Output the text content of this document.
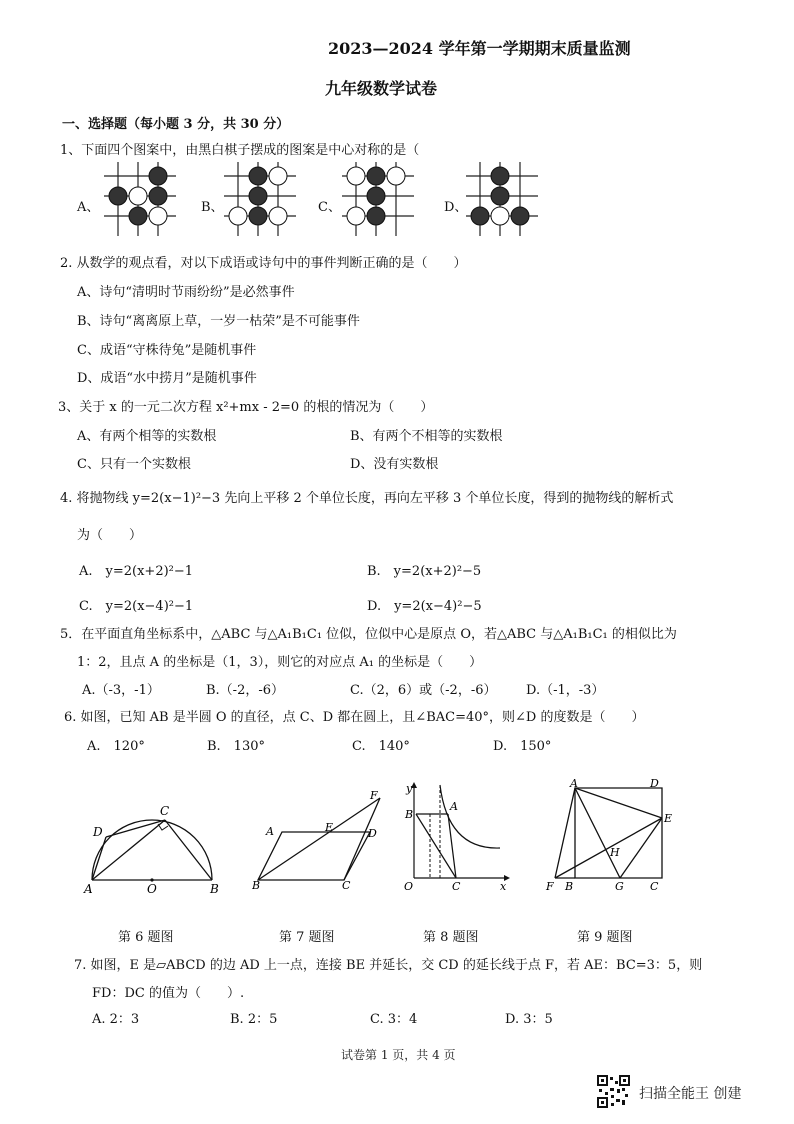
2023—2024 学年第一学期期末质量监测
九年级数学试卷
一、选择题（每小题 3 分，共 30 分）
1、下面四个图案中，由黑白棋子摆成的图案是中心对称的是（
A、	B、	C、	D、
2. 从数学的观点看，对以下成语或诗句中的事件判断正确的是（　　）
A、诗句“清明时节雨纷纷”是必然事件
B、诗句“离离原上草，一岁一枯荣”是不可能事件
C、成语“守株待兔”是随机事件
D、成语“水中捞月”是随机事件
3、关于 x 的一元二次方程 x²+mx - 2=0 的根的情况为（　　）
A、有两个相等的实数根	B、有两个不相等的实数根
C、只有一个实数根	D、没有实数根
4. 将抛物线 y=2(x−1)²−3 先向上平移 2 个单位长度，再向左平移 3 个单位长度，得到的抛物线的解析式
为（　　）
A.　y=2(x+2)²−1	B.　y=2(x+2)²−5
C.　y=2(x−4)²−1	D.　y=2(x−4)²−5
5．在平面直角坐标系中，△ABC 与△A₁B₁C₁ 位似，位似中心是原点 O，若△ABC 与△A₁B₁C₁ 的相似比为
1：2，且点 A 的坐标是（1，3），则它的对应点 A₁ 的坐标是（　　）
A.（-3，-1）	B.（-2，-6）	C.（2，6）或（-2，-6） D.（-1，-3）
6. 如图，已知 AB 是半圆 O 的直径，点 C、D 都在圆上，且∠BAC=40°，则∠D 的度数是（　　）
A.　120°	B.　130°	C.　140°	D.　150°
C
D
A	O	B
A	E	D
F
B	C
y
x
A
B
O	C
A	D
E
H
F B	G C
第 6 题图	第 7 题图	第 8 题图	第 9 题图
7. 如图，E 是▱ABCD 的边 AD 上一点，连接 BE 并延长，交 CD 的延长线于点 F，若 AE：BC=3：5，则
FD：DC 的值为（　　）.
A. 2：3	B. 2：5	C. 3：4	D. 3：5
试卷第 1 页，共 4 页
扫描全能王 创建
